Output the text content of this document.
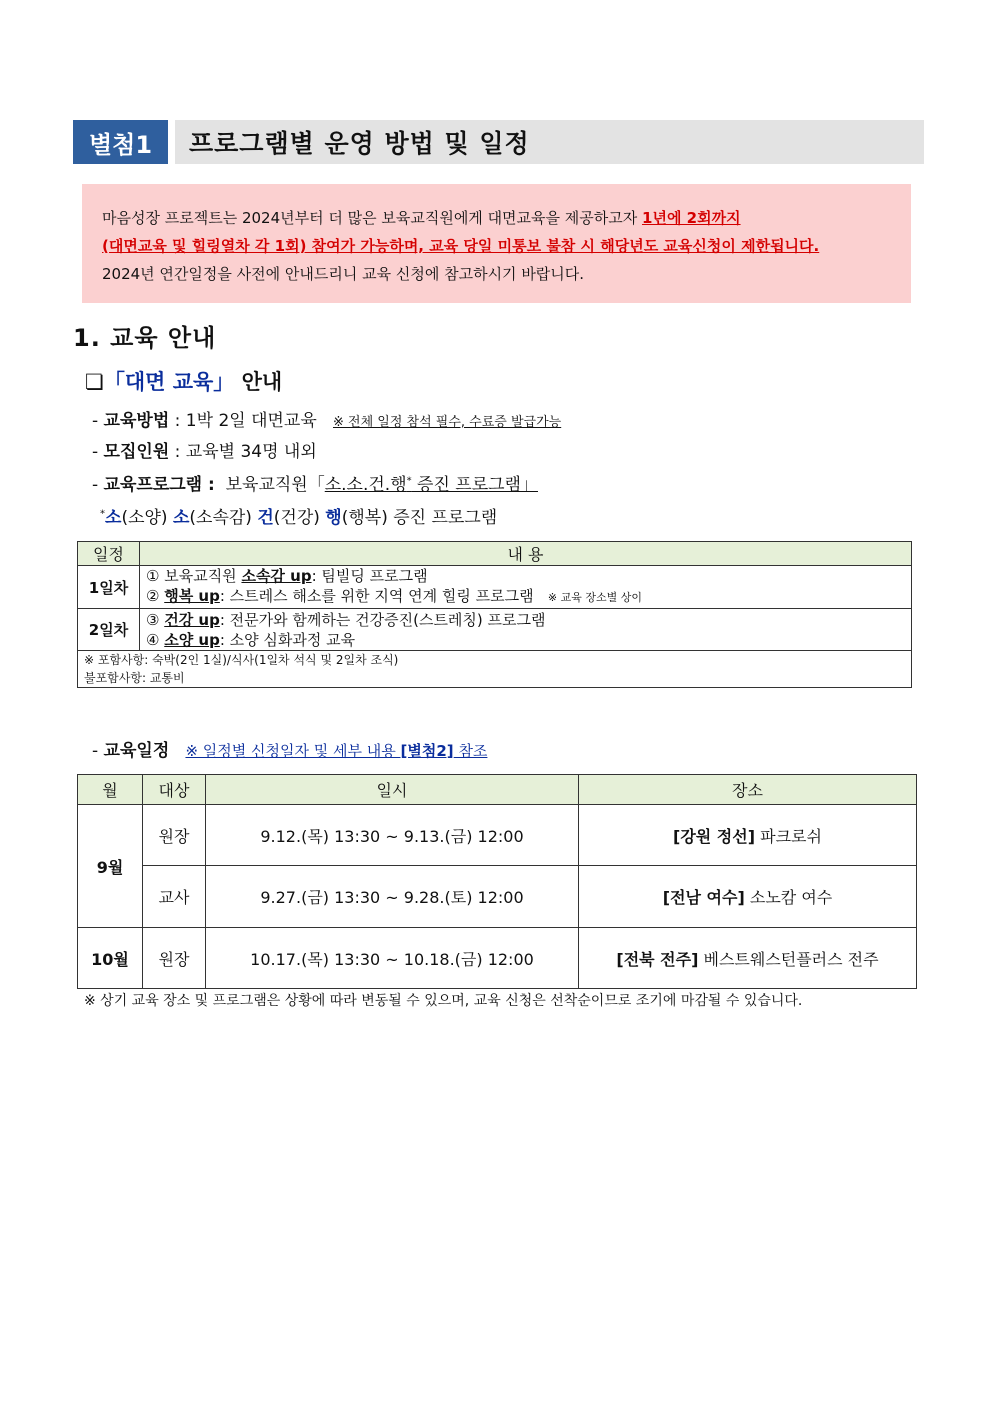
별첨1	프로그램별 운영 방법 및 일정
마음성장 프로젝트는 2024년부터 더 많은 보육교직원에게 대면교육을 제공하고자 1년에 2회까지
(대면교육 및 힐링열차 각 1회) 참여가 가능하며, 교육 당일 미통보 불참 시 해당년도 교육신청이 제한됩니다.
2024년 연간일정을 사전에 안내드리니 교육 신청에 참고하시기 바랍니다.
1. 교육 안내
❏「대면 교육」 안내
- 교육방법 : 1박 2일 대면교육 ※ 전체 일정 참석 필수, 수료증 발급가능
- 모집인원 : 교육별 34명 내외
- 교육프로그램 : 보육교직원「소.소.건.행* 증진 프로그램」
*소(소양) 소(소속감) 건(건강) 행(행복) 증진 프로그램
일정	내 용
1일차	① 보육교직원 소속감 up: 팀빌딩 프로그램
② 행복 up: 스트레스 해소를 위한 지역 연계 힐링 프로그램 ※ 교육 장소별 상이
2일차	③ 건강 up: 전문가와 함께하는 건강증진(스트레칭) 프로그램
④ 소양 up: 소양 심화과정 교육
※ 포함사항: 숙박(2인 1실)/식사(1일차 석식 및 2일차 조식)
불포함사항: 교통비	
- 교육일정 ※ 일정별 신청일자 및 세부 내용 [별첨2] 참조
월	대상	일시	장소
9월	원장	9.12.(목) 13:30 ~ 9.13.(금) 12:00	[강원 정선] 파크로쉬
	교사	9.27.(금) 13:30 ~ 9.28.(토) 12:00	[전남 여수] 소노캄 여수
10월	원장	10.17.(목) 13:30 ~ 10.18.(금) 12:00	[전북 전주] 베스트웨스턴플러스 전주
※ 상기 교육 장소 및 프로그램은 상황에 따라 변동될 수 있으며, 교육 신청은 선착순이므로 조기에 마감될 수 있습니다.
